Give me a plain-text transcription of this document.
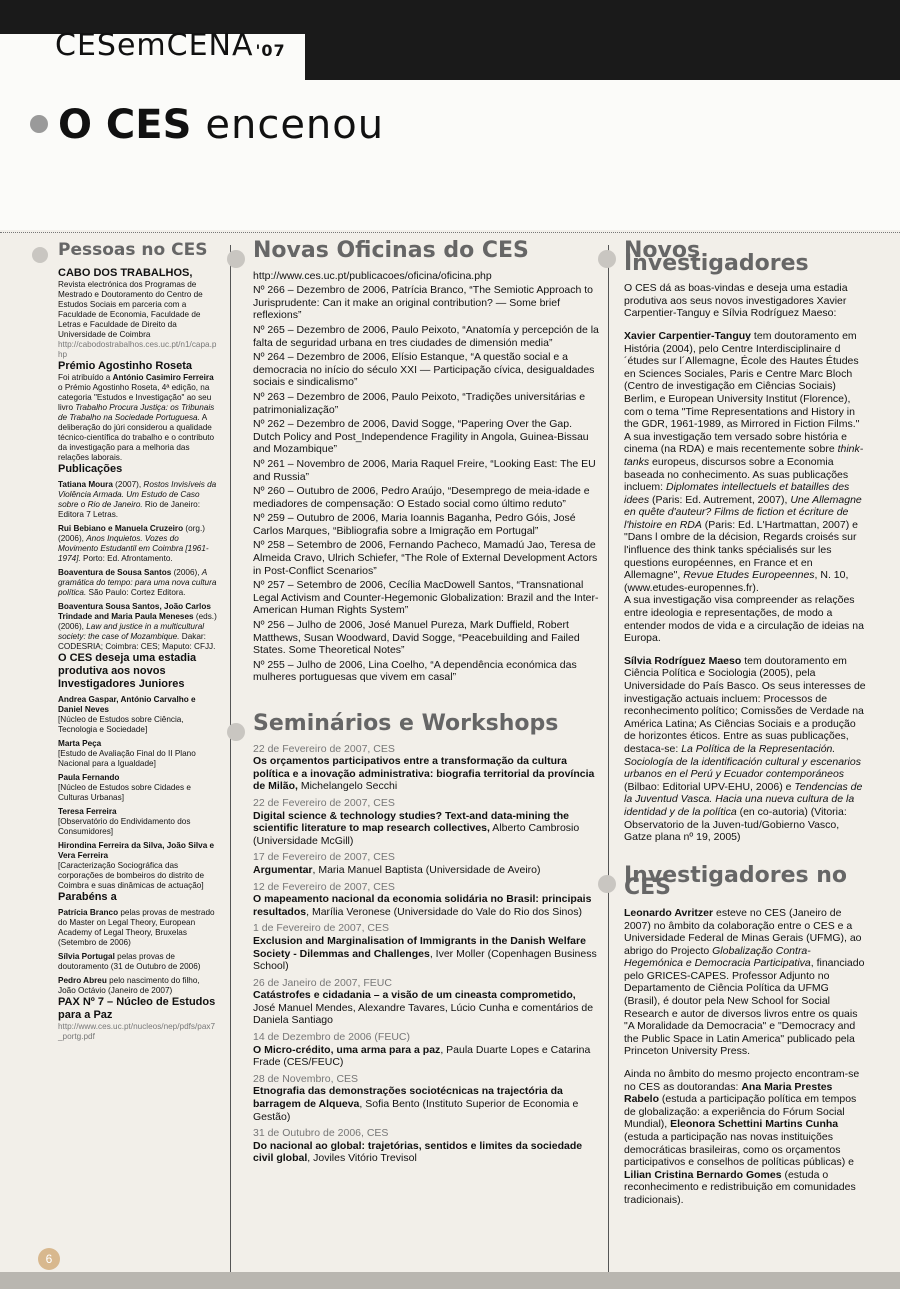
CESemCENA $^{'07}$
O CES encenou
Pessoas no CES
CABO DOS TRABALHOS,
Revista electrónica dos Programas de Mestrado e Doutoramento do Centro de Estudos Sociais em parceria com a Faculdade de Economia, Faculdade de Letras e Faculdade de Direito da Universidade de Coimbra
http://cabodostrabalhos.ces.uc.pt/n1/capa.php
Prémio Agostinho Roseta
Foi atribuído a António Casimiro Ferreira o Prémio Agostinho Roseta, 4ª edição, na categoria "Estudos e Investigação" ao seu livro Trabalho Procura Justiça: os Tribunais de Trabalho na Sociedade Portuguesa. A deliberação do júri considerou a qualidade técnico-científica do trabalho e o contributo da investigação para a melhoria das relações laborais.
Publicações
Tatiana Moura (2007), Rostos Invisíveis da Violência Armada. Um Estudo de Caso sobre o Rio de Janeiro. Rio de Janeiro: Editora 7 Letras.
Rui Bebiano e Manuela Cruzeiro (org.) (2006), Anos Inquietos. Vozes do Movimento Estudantil em Coimbra [1961-1974]. Porto: Ed. Afrontamento.
Boaventura de Sousa Santos (2006), A gramática do tempo: para uma nova cultura política. São Paulo: Cortez Editora.
Boaventura Sousa Santos, João Carlos Trindade and Maria Paula Meneses (eds.) (2006), Law and justice in a multicultural society: the case of Mozambique. Dakar: CODESRIA; Coimbra: CES; Maputo: CFJJ.
O CES deseja uma estadia produtiva aos novos Investigadores Juniores
Andrea Gaspar, António Carvalho e Daniel Neves
[Núcleo de Estudos sobre Ciência, Tecnologia e Sociedade]
Marta Peça
[Estudo de Avaliação Final do II Plano Nacional para a Igualdade]
Paula Fernando
[Núcleo de Estudos sobre Cidades e Culturas Urbanas]
Teresa Ferreira
[Observatório do Endividamento dos Consumidores]
Hirondina Ferreira da Silva, João Silva e Vera Ferreira
[Caracterização Sociográfica das corporações de bombeiros do distrito de Coimbra e suas dinâmicas de actuação]
Parabéns a
Patrícia Branco pelas provas de mestrado do Master on Legal Theory, European Academy of Legal Theory, Bruxelas (Setembro de 2006)
Sílvia Portugal pelas provas de doutoramento (31 de Outubro de 2006)
Pedro Abreu pelo nascimento do filho, João Octávio (Janeiro de 2007)
PAX Nº 7 – Núcleo de Estudos para a Paz
http://www.ces.uc.pt/nucleos/nep/pdfs/pax7_portg.pdf
6
Novas Oficinas do CES
http://www.ces.uc.pt/publicacoes/oficina/oficina.php
Nº 266 – Dezembro de 2006, Patrícia Branco, “The Semiotic Approach to Jurisprudente: Can it make an original contribution? — Some brief reflexions”
Nº 265 – Dezembro de 2006, Paulo Peixoto, “Anatomía y percepción de la falta de seguridad urbana en tres ciudades de dimensión media”
Nº 264 – Dezembro de 2006, Elísio Estanque, “A questão social e a democracia no início do século XXI — Participação cívica, desigualdades sociais e sindicalismo”
Nº 263 – Dezembro de 2006, Paulo Peixoto, “Tradições universitárias e patrimonialização”
Nº 262 – Dezembro de 2006, David Sogge, “Papering Over the Gap. Dutch Policy and Post_Independence Fragility in Angola, Guinea-Bissau and Mozambique”
Nº 261 – Novembro de 2006, Maria Raquel Freire, “Looking East: The EU and Russia”
Nº 260 – Outubro de 2006, Pedro Araújo, “Desemprego de meia-idade e mediadores de compensação: O Estado social como último reduto”
Nº 259 – Outubro de 2006, Maria Ioannis Baganha, Pedro Góis, José Carlos Marques, “Bibliografia sobre a Imigração em Portugal”
Nº 258 – Setembro de 2006, Fernando Pacheco, Mamadú Jao, Teresa de Almeida Cravo, Ulrich Schiefer, “The Role of External Development Actors in Post-Conflict Scenarios”
Nº 257 – Setembro de 2006, Cecília MacDowell Santos, “Transnational Legal Activism and Counter-Hegemonic Globalization: Brazil and the Inter-American Human Rights System”
Nº 256 – Julho de 2006, José Manuel Pureza, Mark Duffield, Robert Matthews, Susan Woodward, David Sogge, “Peacebuilding and Failed States. Some Theoretical Notes”
Nº 255 – Julho de 2006, Lina Coelho, “A dependência económica das mulheres portuguesas que vivem em casal”
Seminários e Workshops
22 de Fevereiro de 2007, CES
Os orçamentos participativos entre a transformação da cultura política e a inovação administrativa: biografia territorial da província de Milão, Michelangelo Secchi
22 de Fevereiro de 2007, CES
Digital science & technology studies? Text-and data-mining the scientific literature to map research collectives, Alberto Cambrosio (Universidade McGill)
17 de Fevereiro de 2007, CES
Argumentar, Maria Manuel Baptista (Universidade de Aveiro)
12 de Fevereiro de 2007, CES
O mapeamento nacional da economia solidária no Brasil: principais resultados, Marília Veronese (Universidade do Vale do Rio dos Sinos)
1 de Fevereiro de 2007, CES
Exclusion and Marginalisation of Immigrants in the Danish Welfare Society - Dilemmas and Challenges, Iver Moller (Copenhagen Business School)
26 de Janeiro de 2007, FEUC
Catástrofes e cidadania – a visão de um cineasta comprometido, José Manuel Mendes, Alexandre Tavares, Lúcio Cunha e comentários de Daniela Santiago
14 de Dezembro de 2006 (FEUC)
O Micro-crédito, uma arma para a paz, Paula Duarte Lopes e Catarina Frade (CES/FEUC)
28 de Novembro, CES
Etnografia das demonstrações sociotécnicas na trajectória da barragem de Alqueva, Sofia Bento (Instituto Superior de Economia e Gestão)
31 de Outubro de 2006, CES
Do nacional ao global: trajetórias, sentidos e limites da sociedade civil global, Joviles Vitório Trevisol
Novos Investigadores
O CES dá as boas-vindas e deseja uma estadia produtiva aos seus novos investigadores Xavier Carpentier-Tanguy e Sílvia Rodríguez Maeso:
Xavier Carpentier-Tanguy tem doutoramento em História (2004), pelo Centre Interdisciplinaire d´études sur l´Allemagne, École des Hautes Études en Sciences Sociales, Paris e Centre Marc Bloch (Centro de investigação em Ciências Sociais) Berlim, e European University Institut (Florence), com o tema "Time Representations and History in the GDR, 1961-1989, as Mirrored in Fiction Films." A sua investigação tem versado sobre história e cinema (na RDA) e mais recentemente sobre think-tanks europeus, discursos sobre a Economia baseada no conhecimento. As suas publicações incluem: Diplomates intellectuels et batailles des idees (Paris: Ed. Autrement, 2007), Une Allemagne en quête d'auteur? Films de fiction et écriture de l'histoire en RDA (Paris: Ed. L'Hartmattan, 2007) e "Dans l ombre de la décision, Regards croisés sur l'influence des think tanks spécialisés sur les questions européennes, en France et en Allemagne", Revue Etudes Europeennes, N. 10, (www.etudes-europennes.fr).
A sua investigação visa compreender as relações entre ideologia e representações, de modo a entender modos de vida e a circulação de ideias na Europa.
Sílvia Rodríguez Maeso tem doutoramento em Ciência Política e Sociologia (2005), pela Universidade do País Basco. Os seus interesses de investigação actuais incluem: Processos de reconhecimento político; Comissões de Verdade na América Latina; As Ciências Sociais e a produção de horizontes éticos. Entre as suas publicações, destaca-se: La Política de la Representación. Sociología de la identificación cultural y escenarios urbanos en el Perú y Ecuador contemporáneos (Bilbao: Editorial UPV-EHU, 2006) e Tendencias de la Juventud Vasca. Hacia una nueva cultura de la identidad y de la política (en co-autoria) (Vitoria: Observatorio de la Juven-tud/Gobierno Vasco, Gatze plana nº 19, 2005)
Investigadores no CES
Leonardo Avritzer esteve no CES (Janeiro de 2007) no âmbito da colaboração entre o CES e a Universidade Federal de Minas Gerais (UFMG), ao abrigo do Projecto Globalização Contra-Hegemónica e Democracia Participativa, financiado pelo GRICES-CAPES. Professor Adjunto no Departamento de Ciência Política da UFMG (Brasil), é doutor pela New School for Social Research e autor de diversos livros entre os quais "A Moralidade da Democracia" e "Democracy and the Public Space in Latin America" publicado pela Princeton University Press.
Ainda no âmbito do mesmo projecto encontram-se no CES as doutorandas: Ana Maria Prestes Rabelo (estuda a participação política em tempos de globalização: a experiência do Fórum Social Mundial), Eleonora Schettini Martins Cunha (estuda a participação nas novas instituições democráticas brasileiras, como os orçamentos participativos e conselhos de políticas públicas) e Lilian Cristina Bernardo Gomes (estuda o reconhecimento e redistribuição em comunidades tradicionais).
